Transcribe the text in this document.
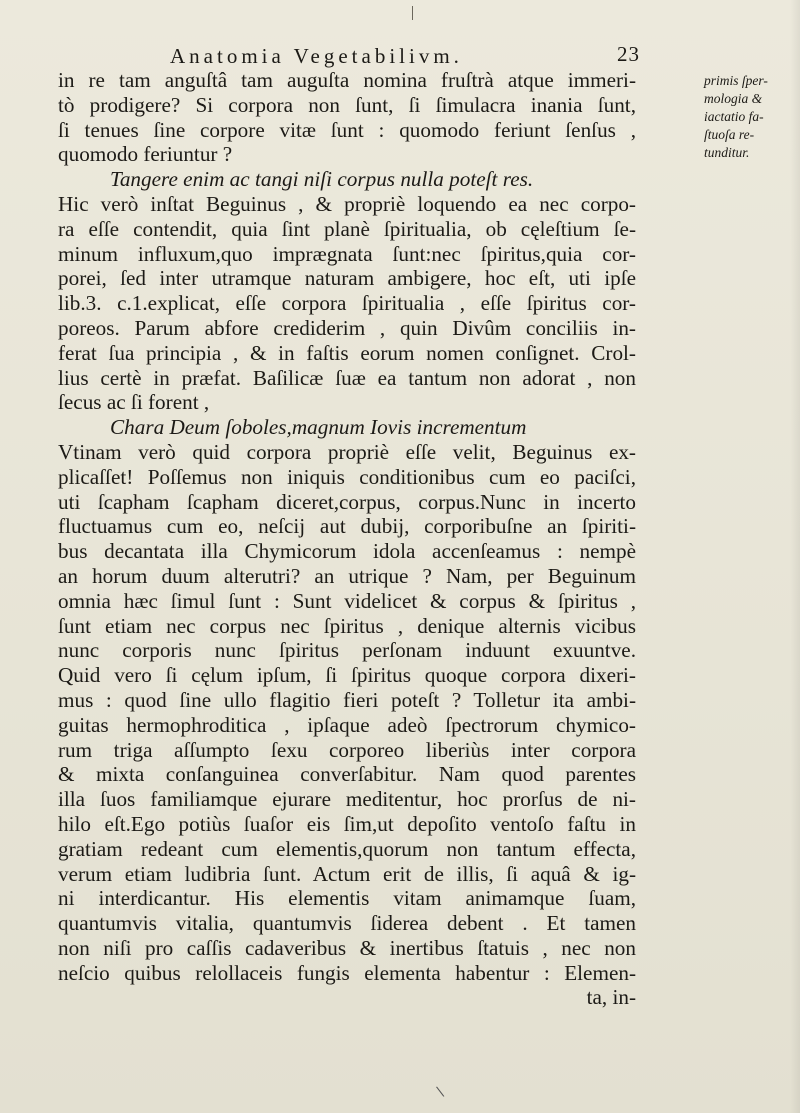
Anatomia Vegetabilivm.	23
in re tam anguſtâ tam auguſta nomina fruſtrà atque immeri-
tò prodigere? Si corpora non ſunt, ſi ſimulacra inania ſunt,
ſi tenues ſine corpore vitæ ſunt : quomodo feriunt ſenſus ,
quomodo feriuntur ?
Tangere enim ac tangi niſi corpus nulla poteſt res.
Hic verò inſtat Beguinus , & propriè loquendo ea nec corpo-
ra eſſe contendit, quia ſint planè ſpiritualia, ob cęleſtium ſe-
minum influxum,quo imprægnata ſunt:nec ſpiritus,quia cor-
porei, ſed inter utramque naturam ambigere, hoc eſt, uti ipſe
lib.3. c.1.explicat, eſſe corpora ſpiritualia , eſſe ſpiritus cor-
poreos. Parum abfore crediderim , quin Divûm conciliis in-
ferat ſua principia , & in faſtis eorum nomen conſignet. Crol-
lius certè in præfat. Baſilicæ ſuæ ea tantum non adorat , non
ſecus ac ſi forent ,
Chara Deum ſoboles,magnum Iovis incrementum
Vtinam verò quid corpora propriè eſſe velit, Beguinus ex-
plicaſſet! Poſſemus non iniquis conditionibus cum eo paciſci,
uti ſcapham ſcapham diceret,corpus, corpus.Nunc in incerto
fluctuamus cum eo, neſcij aut dubij, corporibuſne an ſpiriti-
bus decantata illa Chymicorum idola accenſeamus : nempè
an horum duum alterutri? an utrique ? Nam, per Beguinum
omnia hæc ſimul ſunt : Sunt videlicet & corpus & ſpiritus ,
ſunt etiam nec corpus nec ſpiritus , denique alternis vicibus
nunc corporis nunc ſpiritus perſonam induunt exuuntve.
Quid vero ſi cęlum ipſum, ſi ſpiritus quoque corpora dixeri-
mus : quod ſine ullo flagitio fieri poteſt ? Tolletur ita ambi-
guitas hermophroditica , ipſaque adeò ſpectrorum chymico-
rum triga aſſumpto ſexu corporeo liberiùs inter corpora
& mixta conſanguinea converſabitur. Nam quod parentes
illa ſuos familiamque ejurare meditentur, hoc prorſus de ni-
hilo eſt.Ego potiùs ſuaſor eis ſim,ut depoſito ventoſo faſtu in
gratiam redeant cum elementis,quorum non tantum effecta,
verum etiam ludibria ſunt. Actum erit de illis, ſi aquâ & ig-
ni interdicantur. His elementis vitam animamque ſuam,
quantumvis vitalia, quantumvis ſiderea debent . Et tamen
non niſi pro caſſis cadaveribus & inertibus ſtatuis , nec non
neſcio quibus relollaceis fungis elementa habentur : Elemen-
ta, in-
primis ſper-
mologia &
iactatio fa-
ſtuoſa re-
tunditur.
\
